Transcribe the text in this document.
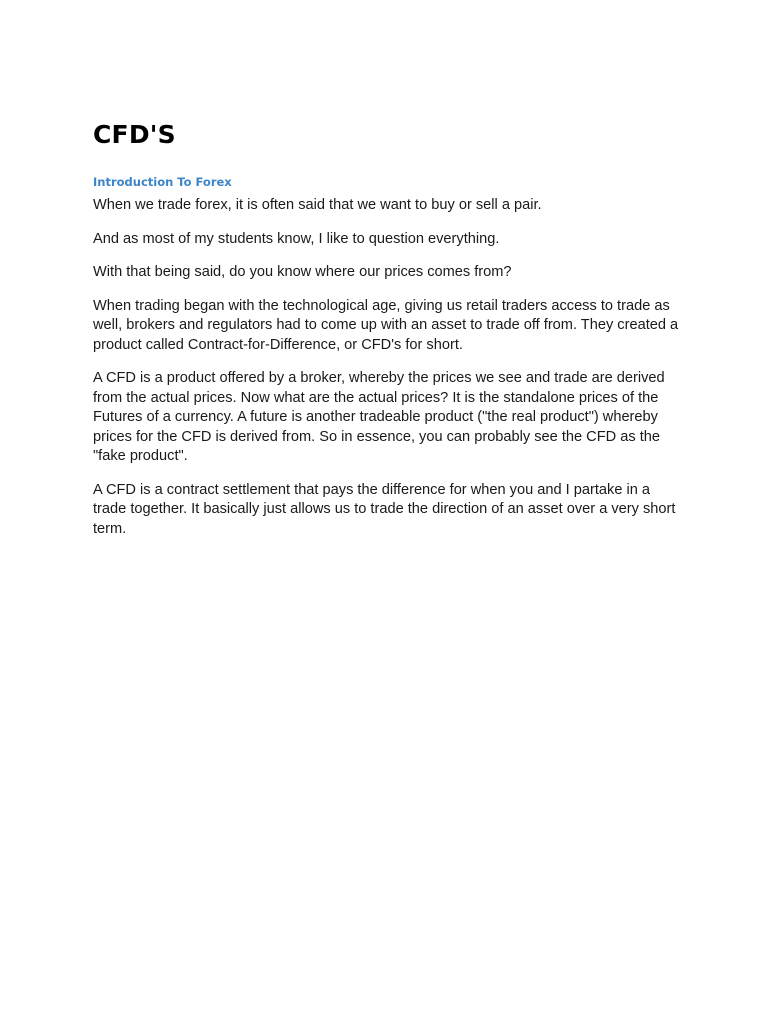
CFD'S
Introduction To Forex

When we trade forex, it is often said that we want to buy or sell a pair.

And as most of my students know, I like to question everything.

With that being said, do you know where our prices comes from?

When trading began with the technological age, giving us retail traders access to trade as well, brokers and regulators had to come up with an asset to trade off from. They created a product called Contract-for-Difference, or CFD's for short.

A CFD is a product offered by a broker, whereby the prices we see and trade are derived from the actual prices. Now what are the actual prices? It is the standalone prices of the Futures of a currency. A future is another tradeable product ("the real product") whereby prices for the CFD is derived from. So in essence, you can probably see the CFD as the "fake product".

A CFD is a contract settlement that pays the difference for when you and I partake in a trade together. It basically just allows us to trade the direction of an asset over a very short term.
